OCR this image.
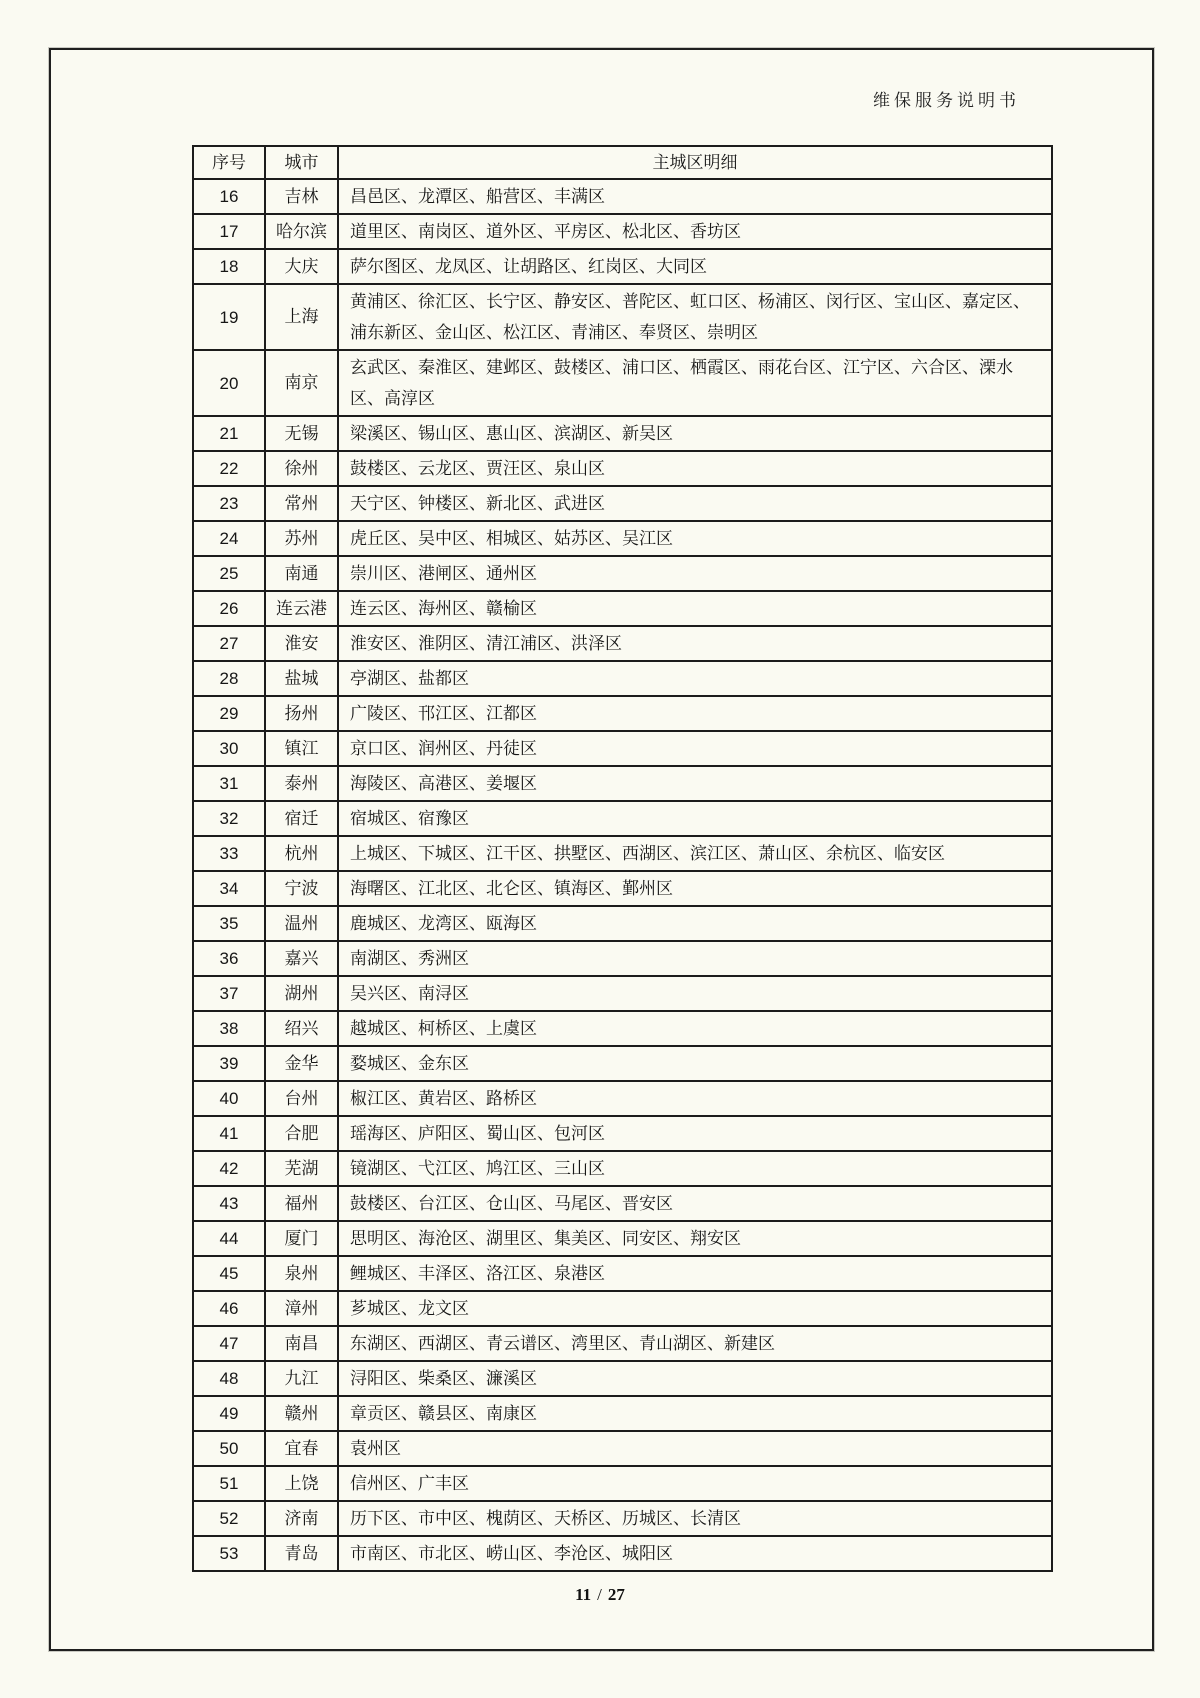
维保服务说明书
序号	城市	主城区明细
16	吉林	昌邑区、龙潭区、船营区、丰满区
17	哈尔滨	道里区、南岗区、道外区、平房区、松北区、香坊区
18	大庆	萨尔图区、龙凤区、让胡路区、红岗区、大同区
19	上海	黄浦区、徐汇区、长宁区、静安区、普陀区、虹口区、杨浦区、闵行区、宝山区、嘉定区、浦东新区、金山区、松江区、青浦区、奉贤区、崇明区
20	南京	玄武区、秦淮区、建邺区、鼓楼区、浦口区、栖霞区、雨花台区、江宁区、六合区、溧水区、高淳区
21	无锡	梁溪区、锡山区、惠山区、滨湖区、新吴区
22	徐州	鼓楼区、云龙区、贾汪区、泉山区
23	常州	天宁区、钟楼区、新北区、武进区
24	苏州	虎丘区、吴中区、相城区、姑苏区、吴江区
25	南通	崇川区、港闸区、通州区
26	连云港	连云区、海州区、赣榆区
27	淮安	淮安区、淮阴区、清江浦区、洪泽区
28	盐城	亭湖区、盐都区
29	扬州	广陵区、邗江区、江都区
30	镇江	京口区、润州区、丹徒区
31	泰州	海陵区、高港区、姜堰区
32	宿迁	宿城区、宿豫区
33	杭州	上城区、下城区、江干区、拱墅区、西湖区、滨江区、萧山区、余杭区、临安区
34	宁波	海曙区、江北区、北仑区、镇海区、鄞州区
35	温州	鹿城区、龙湾区、瓯海区
36	嘉兴	南湖区、秀洲区
37	湖州	吴兴区、南浔区
38	绍兴	越城区、柯桥区、上虞区
39	金华	婺城区、金东区
40	台州	椒江区、黄岩区、路桥区
41	合肥	瑶海区、庐阳区、蜀山区、包河区
42	芜湖	镜湖区、弋江区、鸠江区、三山区
43	福州	鼓楼区、台江区、仓山区、马尾区、晋安区
44	厦门	思明区、海沧区、湖里区、集美区、同安区、翔安区
45	泉州	鲤城区、丰泽区、洛江区、泉港区
46	漳州	芗城区、龙文区
47	南昌	东湖区、西湖区、青云谱区、湾里区、青山湖区、新建区
48	九江	浔阳区、柴桑区、濂溪区
49	赣州	章贡区、赣县区、南康区
50	宜春	袁州区
51	上饶	信州区、广丰区
52	济南	历下区、市中区、槐荫区、天桥区、历城区、长清区
53	青岛	市南区、市北区、崂山区、李沧区、城阳区
11 / 27
